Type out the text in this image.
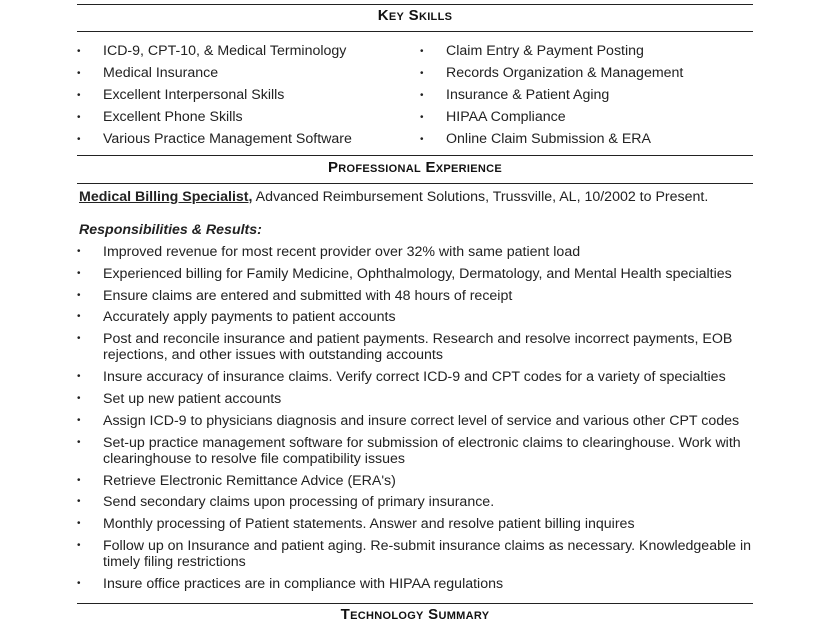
Key Skills
• ICD-9, CPT-10, & Medical Terminology
• Medical Insurance
• Excellent Interpersonal Skills
• Excellent Phone Skills
• Various Practice Management Software
• Claim Entry & Payment Posting
• Records Organization & Management
• Insurance & Patient Aging
• HIPAA Compliance
• Online Claim Submission & ERA
Professional Experience
Medical Billing Specialist, Advanced Reimbursement Solutions, Trussville, AL, 10/2002 to Present.
Responsibilities & Results:
• Improved revenue for most recent provider over 32% with same patient load
• Experienced billing for Family Medicine, Ophthalmology, Dermatology, and Mental Health specialties
• Ensure claims are entered and submitted with 48 hours of receipt
• Accurately apply payments to patient accounts
• Post and reconcile insurance and patient payments. Research and resolve incorrect payments, EOB rejections, and other issues with outstanding accounts
• Insure accuracy of insurance claims. Verify correct ICD-9 and CPT codes for a variety of specialties
• Set up new patient accounts
• Assign ICD-9 to physicians diagnosis and insure correct level of service and various other CPT codes
• Set-up practice management software for submission of electronic claims to clearinghouse. Work with clearinghouse to resolve file compatibility issues
• Retrieve Electronic Remittance Advice (ERA's)
• Send secondary claims upon processing of primary insurance.
• Monthly processing of Patient statements. Answer and resolve patient billing inquires
• Follow up on Insurance and patient aging. Re-submit insurance claims as necessary. Knowledgeable in timely filing restrictions
• Insure office practices are in compliance with HIPAA regulations
Technology Summary
